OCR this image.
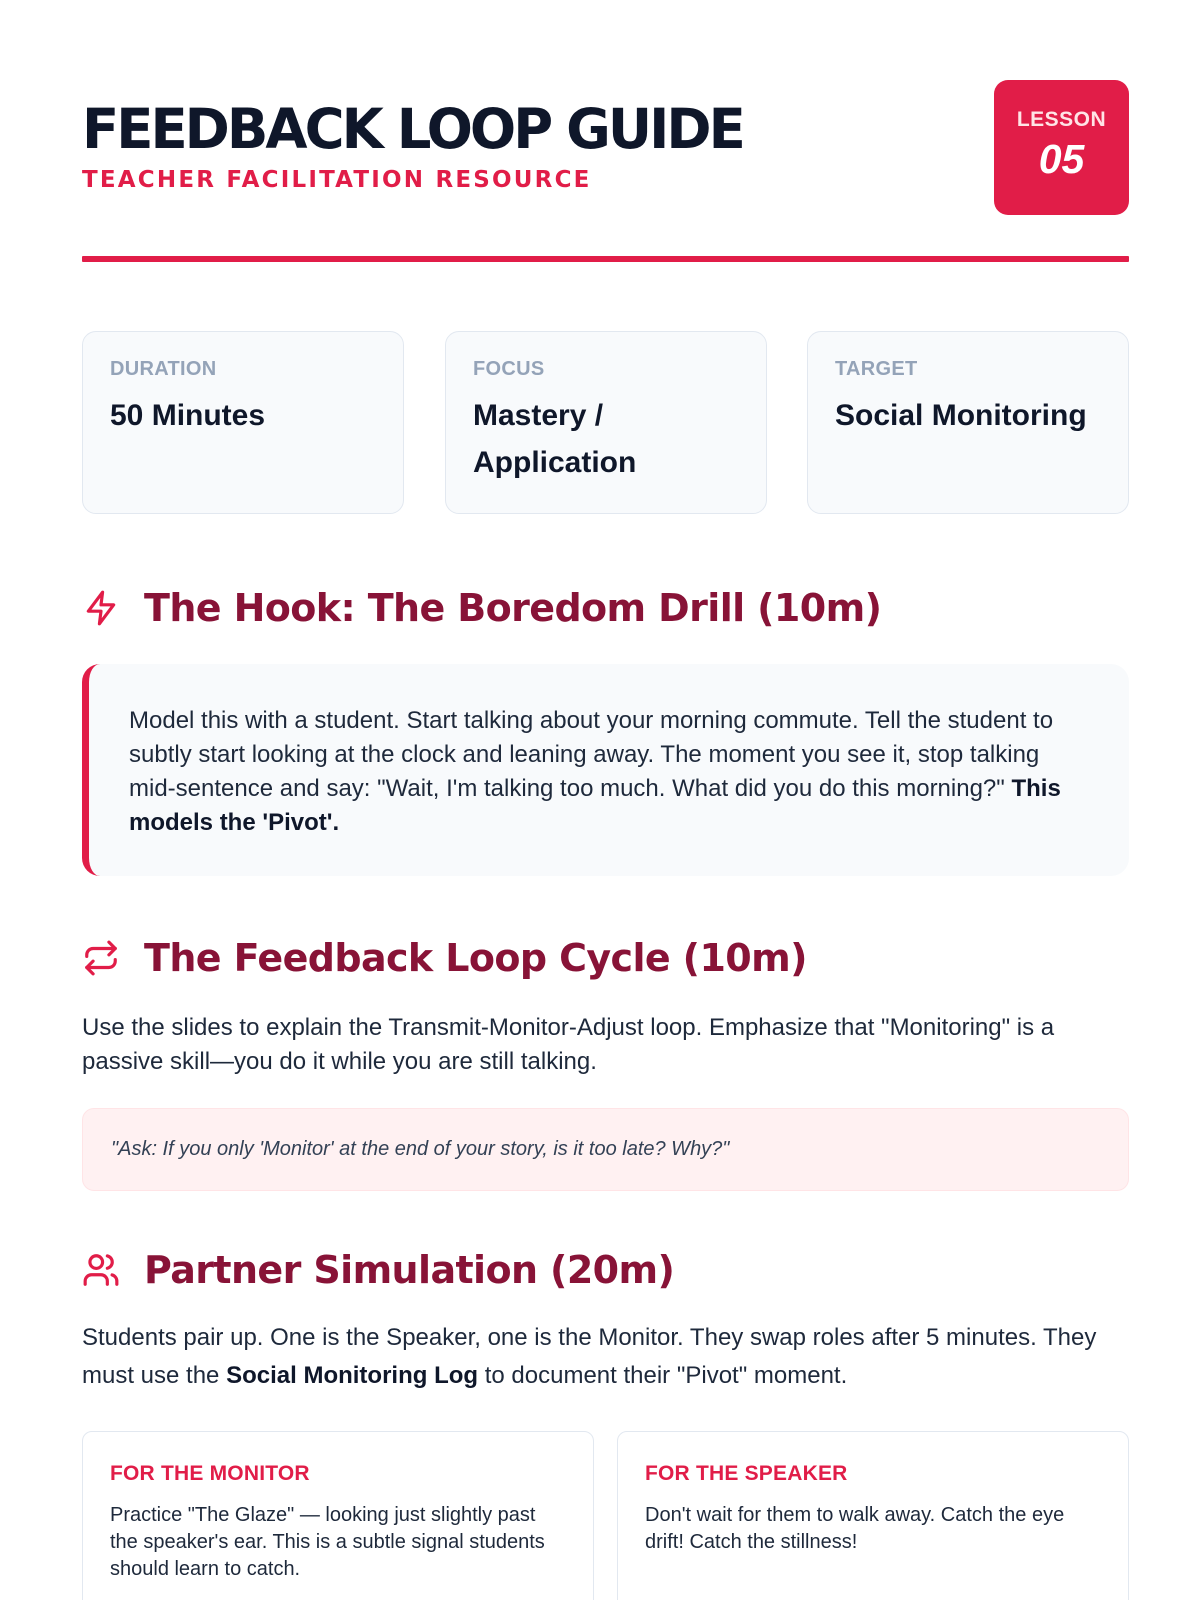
FEEDBACK LOOP GUIDE
TEACHER FACILITATION RESOURCE
LESSON
05
DURATION
50 Minutes
FOCUS
Mastery / Application
TARGET
Social Monitoring
The Hook: The Boredom Drill (10m)
Model this with a student. Start talking about your morning commute. Tell the student to subtly start looking at the clock and leaning away. The moment you see it, stop talking mid-sentence and say: "Wait, I'm talking too much. What did you do this morning?" This models the 'Pivot'.
The Feedback Loop Cycle (10m)
Use the slides to explain the Transmit-Monitor-Adjust loop. Emphasize that "Monitoring" is a passive skill—you do it while you are still talking.
"Ask: If you only 'Monitor' at the end of your story, is it too late? Why?"
Partner Simulation (20m)
Students pair up. One is the Speaker, one is the Monitor. They swap roles after 5 minutes. They must use the Social Monitoring Log to document their "Pivot" moment.
FOR THE MONITOR
Practice "The Glaze" — looking just slightly past the speaker's ear. This is a subtle signal students should learn to catch.
FOR THE SPEAKER
Don't wait for them to walk away. Catch the eye drift! Catch the stillness!
